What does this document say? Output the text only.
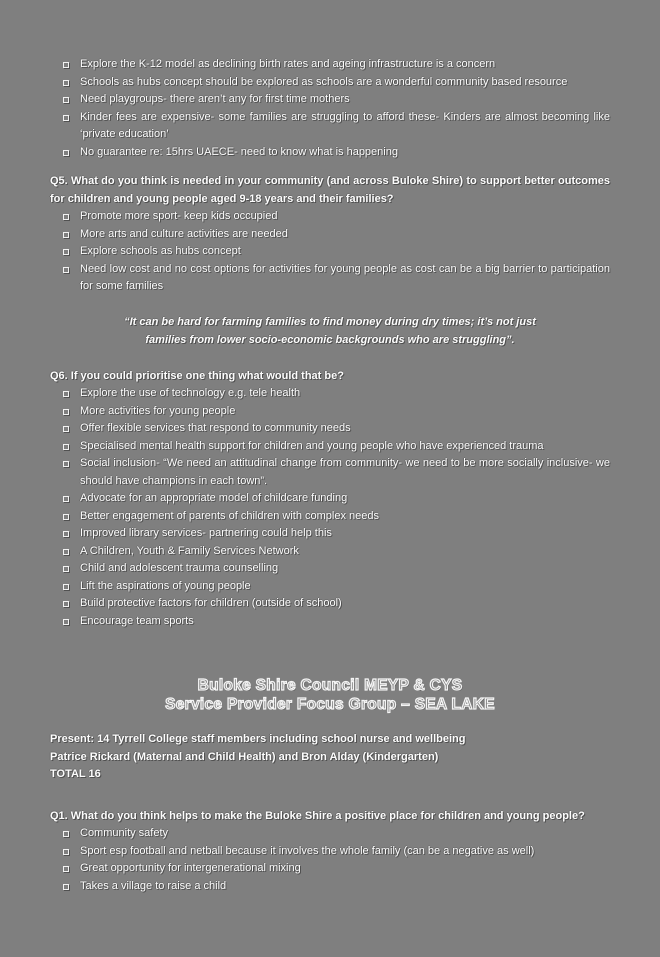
Explore the K-12 model as declining birth rates and ageing infrastructure is a concern
Schools as hubs concept should be explored as schools are a wonderful community based resource
Need playgroups- there aren’t any for first time mothers
Kinder fees are expensive- some families are struggling to afford these- Kinders are almost becoming like ‘private education’
No guarantee re: 15hrs UAECE- need to know what is happening

Q5. What do you think is needed in your community (and across Buloke Shire) to support better outcomes for children and young people aged 9-18 years and their families?

Promote more sport- keep kids occupied
More arts and culture activities are needed
Explore schools as hubs concept
Need low cost and no cost options for activities for young people as cost can be a big barrier to participation for some families
“It can be hard for farming families to find money during dry times; it’s not just
families from lower socio-economic backgrounds who are struggling”.

Q6. If you could prioritise one thing what would that be?

Explore the use of technology e.g. tele health
More activities for young people
Offer flexible services that respond to community needs
Specialised mental health support for children and young people who have experienced trauma
Social inclusion- “We need an attitudinal change from community- we need to be more socially inclusive- we should have champions in each town”.
Advocate for an appropriate model of childcare funding
Better engagement of parents of children with complex needs
Improved library services- partnering could help this
A Children, Youth & Family Services Network
Child and adolescent trauma counselling
Lift the aspirations of young people
Build protective factors for children (outside of school)
Encourage team sports
Buloke Shire Council MEYP & CYS
Service Provider Focus Group – SEA LAKE
Present: 14 Tyrrell College staff members including school nurse and wellbeing
Patrice Rickard (Maternal and Child Health) and Bron Alday (Kindergarten)
TOTAL 16

Q1. What do you think helps to make the Buloke Shire a positive place for children and young people?

Community safety
Sport esp football and netball because it involves the whole family (can be a negative as well)
Great opportunity for intergenerational mixing
Takes a village to raise a child
